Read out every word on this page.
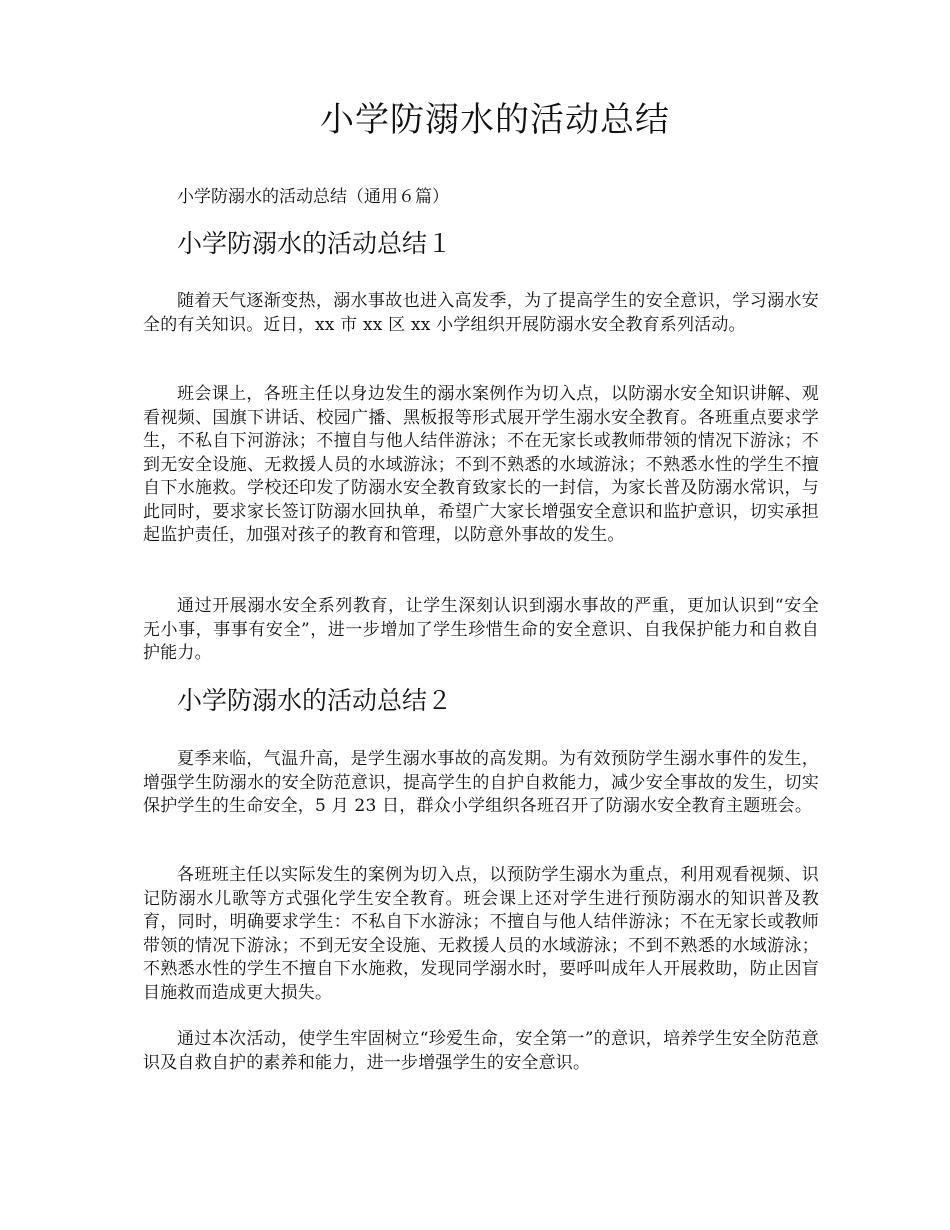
小学防溺水的活动总结

小学防溺水的活动总结（通用６篇）

小学防溺水的活动总结１

随着天气逐渐变热，溺水事故也进入高发季，为了提高学生的安全意识，学习溺水安全的有关知识。近日，xx 市 xx 区 xx 小学组织开展防溺水安全教育系列活动。

班会课上，各班主任以身边发生的溺水案例作为切入点，以防溺水安全知识讲解、观看视频、国旗下讲话、校园广播、黑板报等形式展开学生溺水安全教育。各班重点要求学生，不私自下河游泳；不擅自与他人结伴游泳；不在无家长或教师带领的情况下游泳；不到无安全设施、无救援人员的水域游泳；不到不熟悉的水域游泳；不熟悉水性的学生不擅自下水施救。学校还印发了防溺水安全教育致家长的一封信，为家长普及防溺水常识，与此同时，要求家长签订防溺水回执单，希望广大家长增强安全意识和监护意识，切实承担起监护责任，加强对孩子的教育和管理，以防意外事故的发生。

通过开展溺水安全系列教育，让学生深刻认识到溺水事故的严重，更加认识到“安全无小事，事事有安全”，进一步增加了学生珍惜生命的安全意识、自我保护能力和自救自护能力。

小学防溺水的活动总结２

夏季来临，气温升高，是学生溺水事故的高发期。为有效预防学生溺水事件的发生，增强学生防溺水的安全防范意识，提高学生的自护自救能力，减少安全事故的发生，切实保护学生的生命安全，5 月 23 日，群众小学组织各班召开了防溺水安全教育主题班会。

各班班主任以实际发生的案例为切入点，以预防学生溺水为重点，利用观看视频、识记防溺水儿歌等方式强化学生安全教育。班会课上还对学生进行预防溺水的知识普及教育，同时，明确要求学生：不私自下水游泳；不擅自与他人结伴游泳；不在无家长或教师带领的情况下游泳；不到无安全设施、无救援人员的水域游泳；不到不熟悉的水域游泳；不熟悉水性的学生不擅自下水施救，发现同学溺水时，要呼叫成年人开展救助，防止因盲目施救而造成更大损失。

通过本次活动，使学生牢固树立“珍爱生命，安全第一”的意识，培养学生安全防范意识及自救自护的素养和能力，进一步增强学生的安全意识。
